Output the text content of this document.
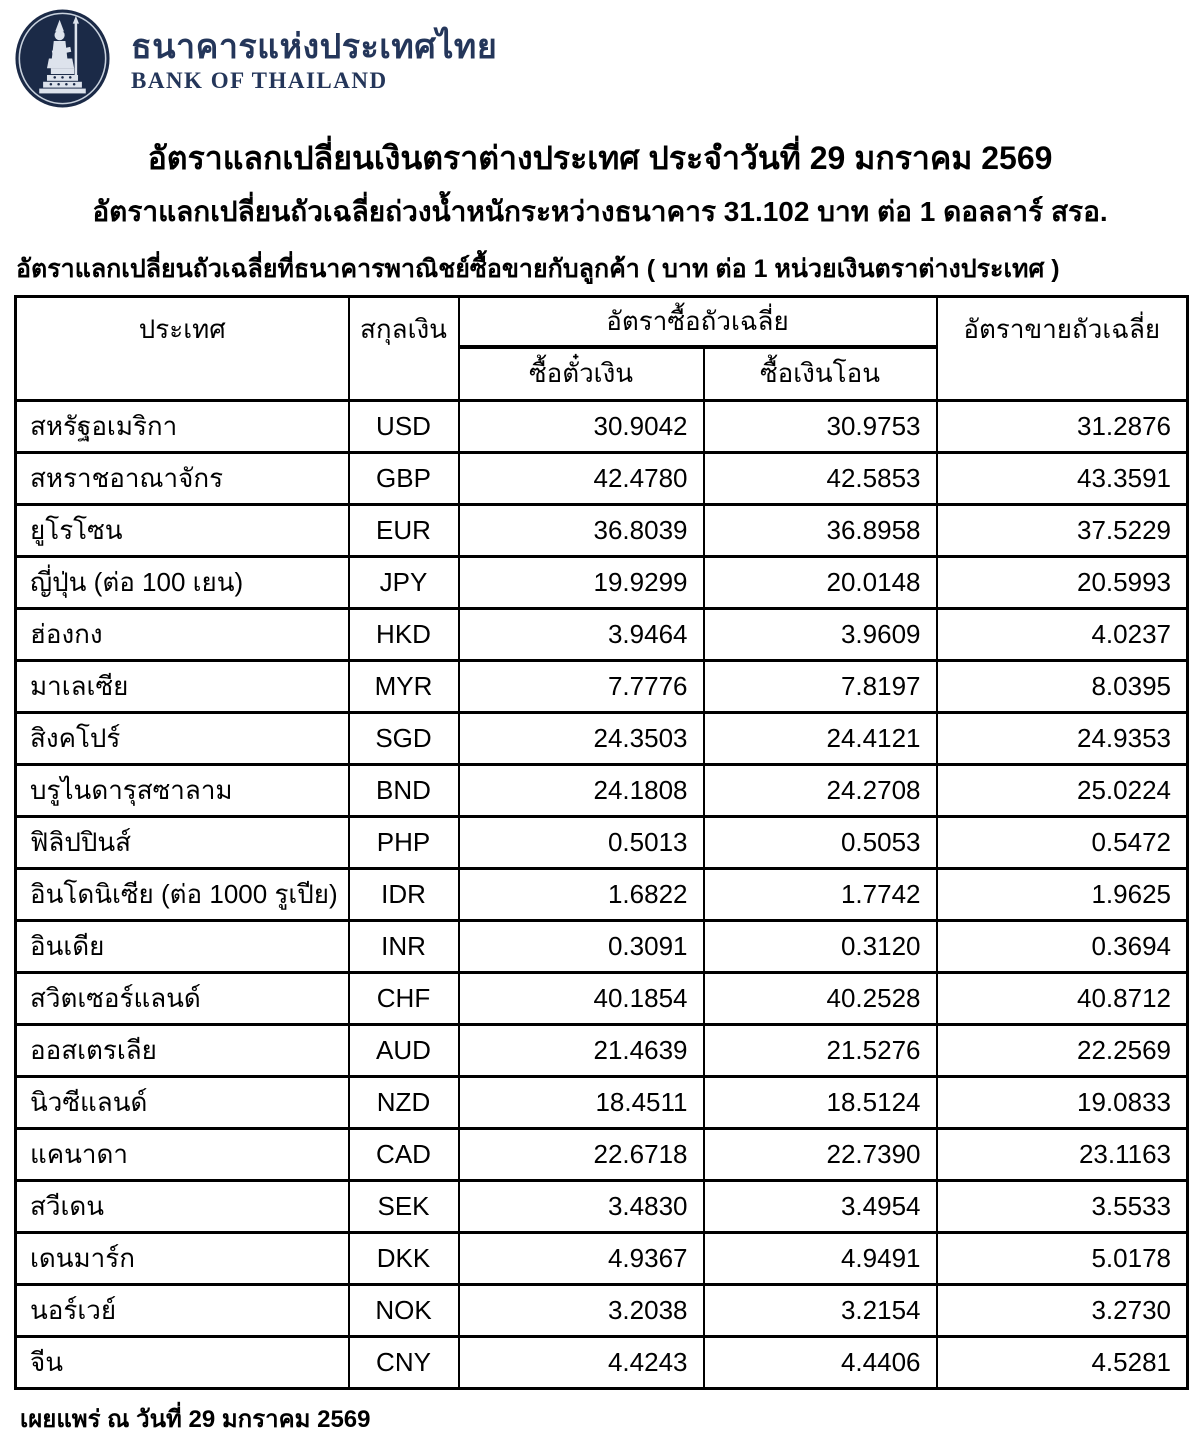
ธนาคารแห่งประเทศไทย
BANK OF THAILAND
อัตราแลกเปลี่ยนเงินตราต่างประเทศ ประจำวันที่ 29 มกราคม 2569
อัตราแลกเปลี่ยนถัวเฉลี่ยถ่วงน้ำหนักระหว่างธนาคาร 31.102 บาท ต่อ 1 ดอลลาร์ สรอ.
อัตราแลกเปลี่ยนถัวเฉลี่ยที่ธนาคารพาณิชย์ซื้อขายกับลูกค้า ( บาท ต่อ 1 หน่วยเงินตราต่างประเทศ )
ประเทศ	สกุลเงิน	อัตราซื้อถัวเฉลี่ย		อัตราขายถัวเฉลี่ย
		ซื้อตั๋วเงิน	ซื้อเงินโอน	
สหรัฐอเมริกา	USD	30.9042	30.9753	31.2876
สหราชอาณาจักร	GBP	42.4780	42.5853	43.3591
ยูโรโซน	EUR	36.8039	36.8958	37.5229
ญี่ปุ่น (ต่อ 100 เยน)	JPY	19.9299	20.0148	20.5993
ฮ่องกง	HKD	3.9464	3.9609	4.0237
มาเลเซีย	MYR	7.7776	7.8197	8.0395
สิงคโปร์	SGD	24.3503	24.4121	24.9353
บรูไนดารุสซาลาม	BND	24.1808	24.2708	25.0224
ฟิลิปปินส์	PHP	0.5013	0.5053	0.5472
อินโดนิเซีย (ต่อ 1000 รูเปีย)	IDR	1.6822	1.7742	1.9625
อินเดีย	INR	0.3091	0.3120	0.3694
สวิตเซอร์แลนด์	CHF	40.1854	40.2528	40.8712
ออสเตรเลีย	AUD	21.4639	21.5276	22.2569
นิวซีแลนด์	NZD	18.4511	18.5124	19.0833
แคนาดา	CAD	22.6718	22.7390	23.1163
สวีเดน	SEK	3.4830	3.4954	3.5533
เดนมาร์ก	DKK	4.9367	4.9491	5.0178
นอร์เวย์	NOK	3.2038	3.2154	3.2730
จีน	CNY	4.4243	4.4406	4.5281
เผยแพร่ ณ วันที่ 29 มกราคม 2569
